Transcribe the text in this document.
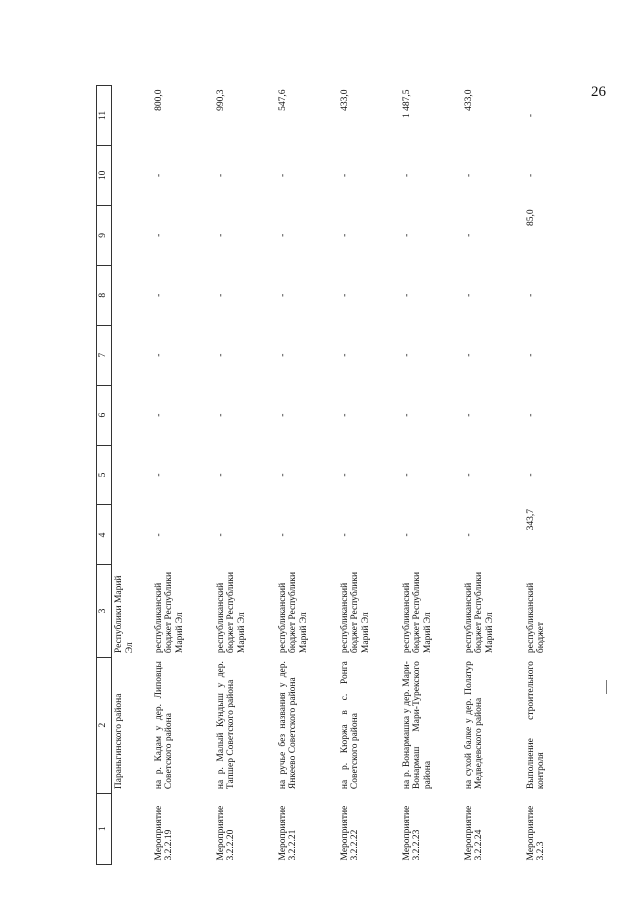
26
1	2	3	4	5	6	7	8	9	10	11
	Параньгинского района	Республики Марий Эл								
Мероприятие 3.2.2.19	на р. Кадам у дер. Липовцы Советского района	республиканский бюджет Республики Марий Эл	-	-	-	-	-	-	-	800,0
Мероприятие 3.2.2.20	на р. Малый Кундыш у дер. Тапшер Советского района	республиканский бюджет Республики Марий Эл	-	-	-	-	-	-	-	990,3
Мероприятие 3.2.2.21	на ручье без названия у дер. Янкеево Советского района	республиканский бюджет Республики Марий Эл	-	-	-	-	-	-	-	547,6
Мероприятие 3.2.2.22	на р. Кюржа в с. Ронга Советского района	республиканский бюджет Республики Марий Эл	-	-	-	-	-	-	-	433,0
Мероприятие 3.2.2.23	на р. Вонармашка у дер. Мари-Вонармаш Мари-Турекского района	республиканский бюджет Республики Марий Эл	-	-	-	-	-	-	-	1 487,5
Мероприятие 3.2.2.24	на сухой балке у дер. Полатур Медведевского района	республиканский бюджет Республики Марий Эл	-	-	-	-	-	-	-	433,0
Мероприятие 3.2.3	Выполнение строительного контроля	республиканский бюджет	343,7	-	-	-	-	85,0	-	-
